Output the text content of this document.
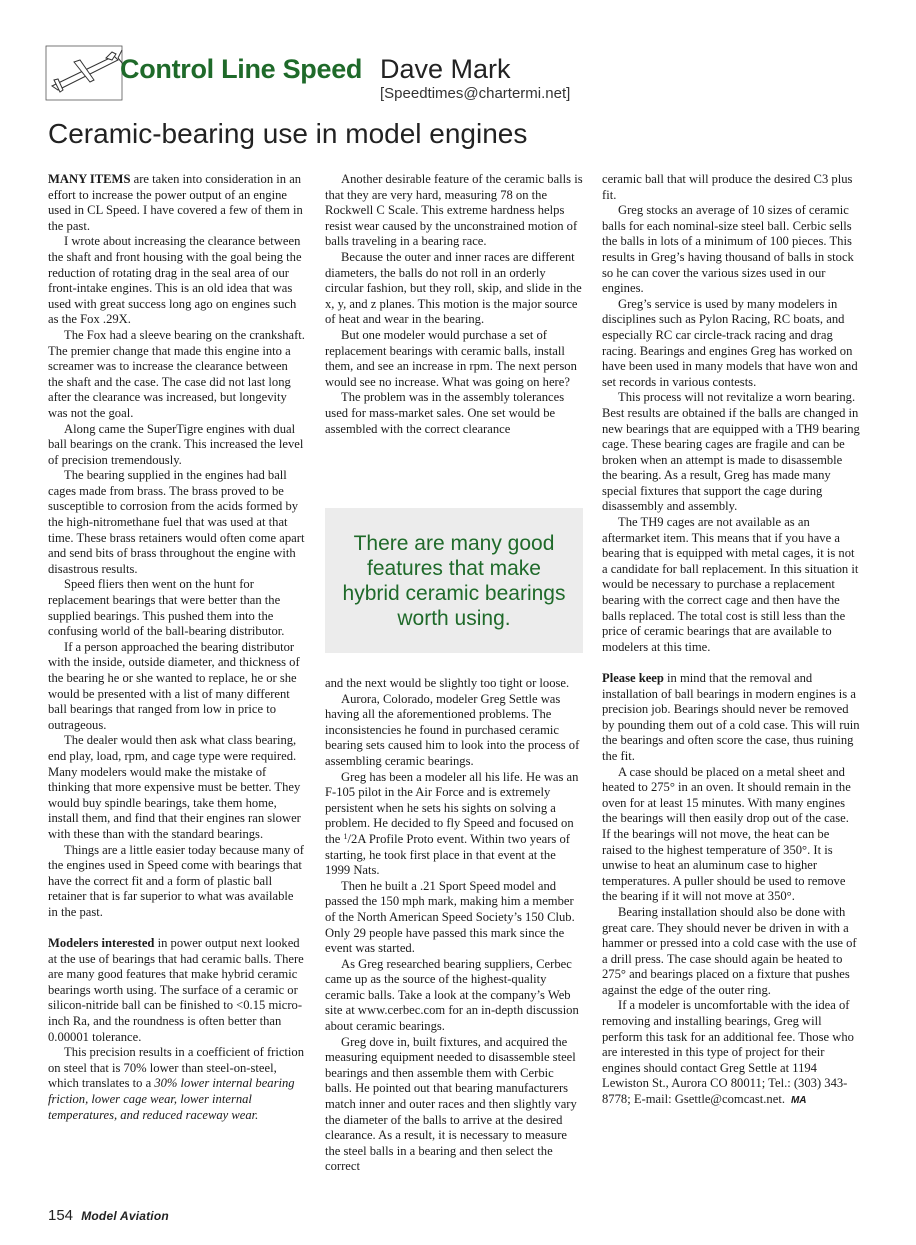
Control Line Speed Dave Mark
[Speedtimes@chartermi.net]
Ceramic-bearing use in model engines

MANY ITEMS are taken into consideration in an effort to increase the power output of an engine used in CL Speed. I have covered a few of them in the past.

I wrote about increasing the clearance between the shaft and front housing with the goal being the reduction of rotating drag in the seal area of our front-intake engines. This is an old idea that was used with great success long ago on engines such as the Fox .29X.

The Fox had a sleeve bearing on the crankshaft. The premier change that made this engine into a screamer was to increase the clearance between the shaft and the case. The case did not last long after the clearance was increased, but longevity was not the goal.

Along came the SuperTigre engines with dual ball bearings on the crank. This increased the level of precision tremendously.

The bearing supplied in the engines had ball cages made from brass. The brass proved to be susceptible to corrosion from the acids formed by the high-nitromethane fuel that was used at that time. These brass retainers would often come apart and send bits of brass throughout the engine with disastrous results.

Speed fliers then went on the hunt for replacement bearings that were better than the supplied bearings. This pushed them into the confusing world of the ball-bearing distributor.

If a person approached the bearing distributor with the inside, outside diameter, and thickness of the bearing he or she wanted to replace, he or she would be presented with a list of many different ball bearings that ranged from low in price to outrageous.

The dealer would then ask what class bearing, end play, load, rpm, and cage type were required. Many modelers would make the mistake of thinking that more expensive must be better. They would buy spindle bearings, take them home, install them, and find that their engines ran slower with these than with the standard bearings.

Things are a little easier today because many of the engines used in Speed come with bearings that have the correct fit and a form of plastic ball retainer that is far superior to what was available in the past.

Modelers interested in power output next looked at the use of bearings that had ceramic balls. There are many good features that make hybrid ceramic bearings worth using. The surface of a ceramic or silicon-nitride ball can be finished to <0.15 micro-inch Ra, and the roundness is often better than 0.00001 tolerance.

This precision results in a coefficient of friction on steel that is 70% lower than steel-on-steel, which translates to a 30% lower internal bearing friction, lower cage wear, lower internal temperatures, and reduced raceway wear.

Another desirable feature of the ceramic balls is that they are very hard, measuring 78 on the Rockwell C Scale. This extreme hardness helps resist wear caused by the unconstrained motion of balls traveling in a bearing race.

Because the outer and inner races are different diameters, the balls do not roll in an orderly circular fashion, but they roll, skip, and slide in the x, y, and z planes. This motion is the major source of heat and wear in the bearing.

But one modeler would purchase a set of replacement bearings with ceramic balls, install them, and see an increase in rpm. The next person would see no increase. What was going on here?

The problem was in the assembly tolerances used for mass-market sales. One set would be assembled with the correct clearance

There are many good features that make hybrid ceramic bearings worth using.

and the next would be slightly too tight or loose.

Aurora, Colorado, modeler Greg Settle was having all the aforementioned problems. The inconsistencies he found in purchased ceramic bearing sets caused him to look into the process of assembling ceramic bearings.

Greg has been a modeler all his life. He was an F-105 pilot in the Air Force and is extremely persistent when he sets his sights on solving a problem. He decided to fly Speed and focused on the $^1$/2A Profile Proto event. Within two years of starting, he took first place in that event at the 1999 Nats.

Then he built a .21 Sport Speed model and passed the 150 mph mark, making him a member of the North American Speed Society’s 150 Club. Only 29 people have passed this mark since the event was started.

As Greg researched bearing suppliers, Cerbec came up as the source of the highest-quality ceramic balls. Take a look at the company’s Web site at www.cerbec.com for an in-depth discussion about ceramic bearings.

Greg dove in, built fixtures, and acquired the measuring equipment needed to disassemble steel bearings and then assemble them with Cerbic balls. He pointed out that bearing manufacturers match inner and outer races and then slightly vary the diameter of the balls to arrive at the desired clearance. As a result, it is necessary to measure the steel balls in a bearing and then select the correct

ceramic ball that will produce the desired C3 plus fit.

Greg stocks an average of 10 sizes of ceramic balls for each nominal-size steel ball. Cerbic sells the balls in lots of a minimum of 100 pieces. This results in Greg’s having thousand of balls in stock so he can cover the various sizes used in our engines.

Greg’s service is used by many modelers in disciplines such as Pylon Racing, RC boats, and especially RC car circle-track racing and drag racing. Bearings and engines Greg has worked on have been used in many models that have won and set records in various contests.

This process will not revitalize a worn bearing. Best results are obtained if the balls are changed in new bearings that are equipped with a TH9 bearing cage. These bearing cages are fragile and can be broken when an attempt is made to disassemble the bearing. As a result, Greg has made many special fixtures that support the cage during disassembly and assembly.

The TH9 cages are not available as an aftermarket item. This means that if you have a bearing that is equipped with metal cages, it is not a candidate for ball replacement. In this situation it would be necessary to purchase a replacement bearing with the correct cage and then have the balls replaced. The total cost is still less than the price of ceramic bearings that are available to modelers at this time.

Please keep in mind that the removal and installation of ball bearings in modern engines is a precision job. Bearings should never be removed by pounding them out of a cold case. This will ruin the bearings and often score the case, thus ruining the fit.

A case should be placed on a metal sheet and heated to 275° in an oven. It should remain in the oven for at least 15 minutes. With many engines the bearings will then easily drop out of the case. If the bearings will not move, the heat can be raised to the highest temperature of 350°. It is unwise to heat an aluminum case to higher temperatures. A puller should be used to remove the bearing if it will not move at 350°.

Bearing installation should also be done with great care. They should never be driven in with a hammer or pressed into a cold case with the use of a drill press. The case should again be heated to 275° and bearings placed on a fixture that pushes against the edge of the outer ring.

If a modeler is uncomfortable with the idea of removing and installing bearings, Greg will perform this task for an additional fee. Those who are interested in this type of project for their engines should contact Greg Settle at 1194 Lewiston St., Aurora CO 80011; Tel.: (303) 343-8778; E-mail: Gsettle@comcast.net. MA

154 Model Aviation
